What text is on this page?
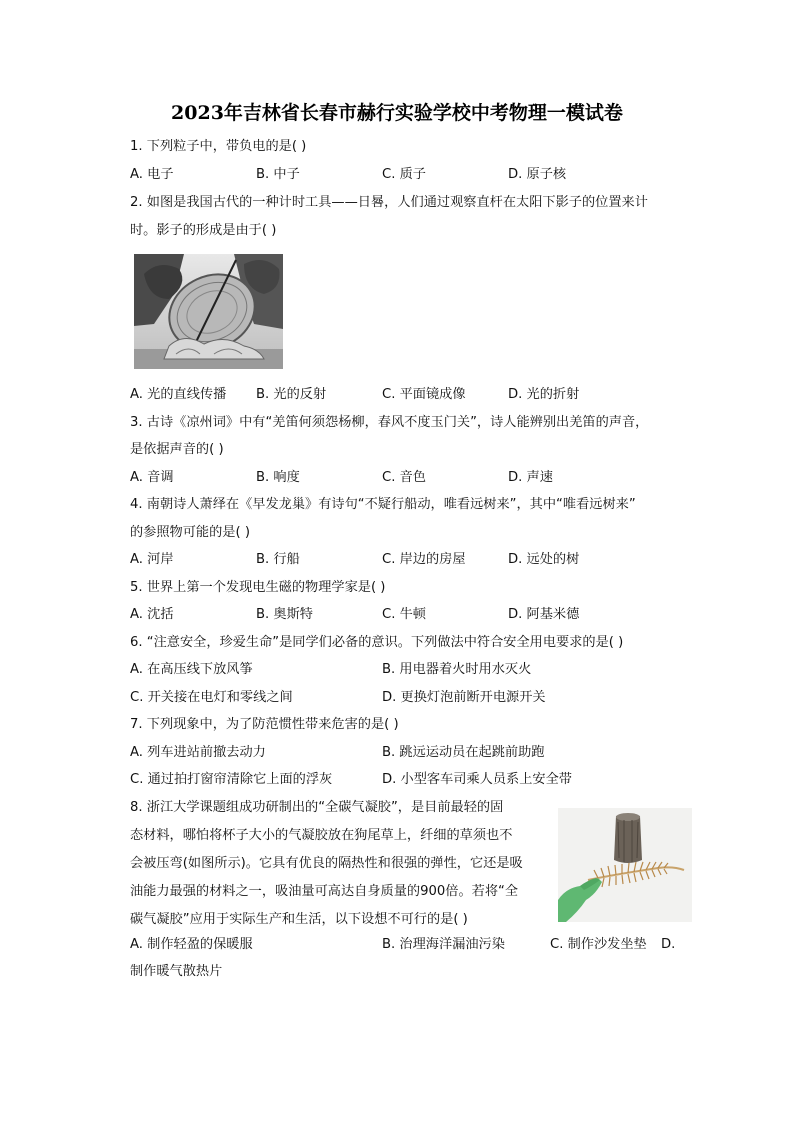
2023年吉林省长春市赫行实验学校中考物理一模试卷
1. 下列粒子中，带负电的是( )
A. 电子	B. 中子	C. 质子	D. 原子核
2. 如图是我国古代的一种计时工具——日晷，人们通过观察直杆在太阳下影子的位置来计
时。影子的形成是由于( )
A. 光的直线传播 B. 光的反射	C. 平面镜成像	D. 光的折射
3. 古诗《凉州词》中有“羌笛何须怨杨柳，春风不度玉门关”，诗人能辨别出羌笛的声音，
是依据声音的( )
A. 音调	B. 响度	C. 音色	D. 声速
4. 南朝诗人萧绎在《早发龙巢》有诗句“不疑行船动，唯看远树来”，其中“唯看远树来”
的参照物可能的是( )
A. 河岸	B. 行船	C. 岸边的房屋	D. 远处的树
5. 世界上第一个发现电生磁的物理学家是( )
A. 沈括	B. 奥斯特	C. 牛顿	D. 阿基米德
6. “注意安全，珍爱生命”是同学们必备的意识。下列做法中符合安全用电要求的是( )
A. 在高压线下放风筝	B. 用电器着火时用水灭火
C. 开关接在电灯和零线之间	D. 更换灯泡前断开电源开关
7. 下列现象中，为了防范惯性带来危害的是( )
A. 列车进站前撤去动力	B. 跳远运动员在起跳前助跑
C. 通过拍打窗帘清除它上面的浮灰	D. 小型客车司乘人员系上安全带

8. 浙江大学课题组成功研制出的“全碳气凝胶”，是目前最轻的固

态材料，哪怕将杯子大小的气凝胶放在狗尾草上，纤细的草须也不

会被压弯(如图所示)。它具有优良的隔热性和很强的弹性，它还是吸

油能力最强的材料之一，吸油量可高达自身质量的900倍。若将“全

碳气凝胶”应用于实际生产和生活，以下设想不可行的是( )

A. 制作轻盈的保暖服	B. 治理海洋漏油污染	C. 制作沙发坐垫 D.
制作暖气散热片
